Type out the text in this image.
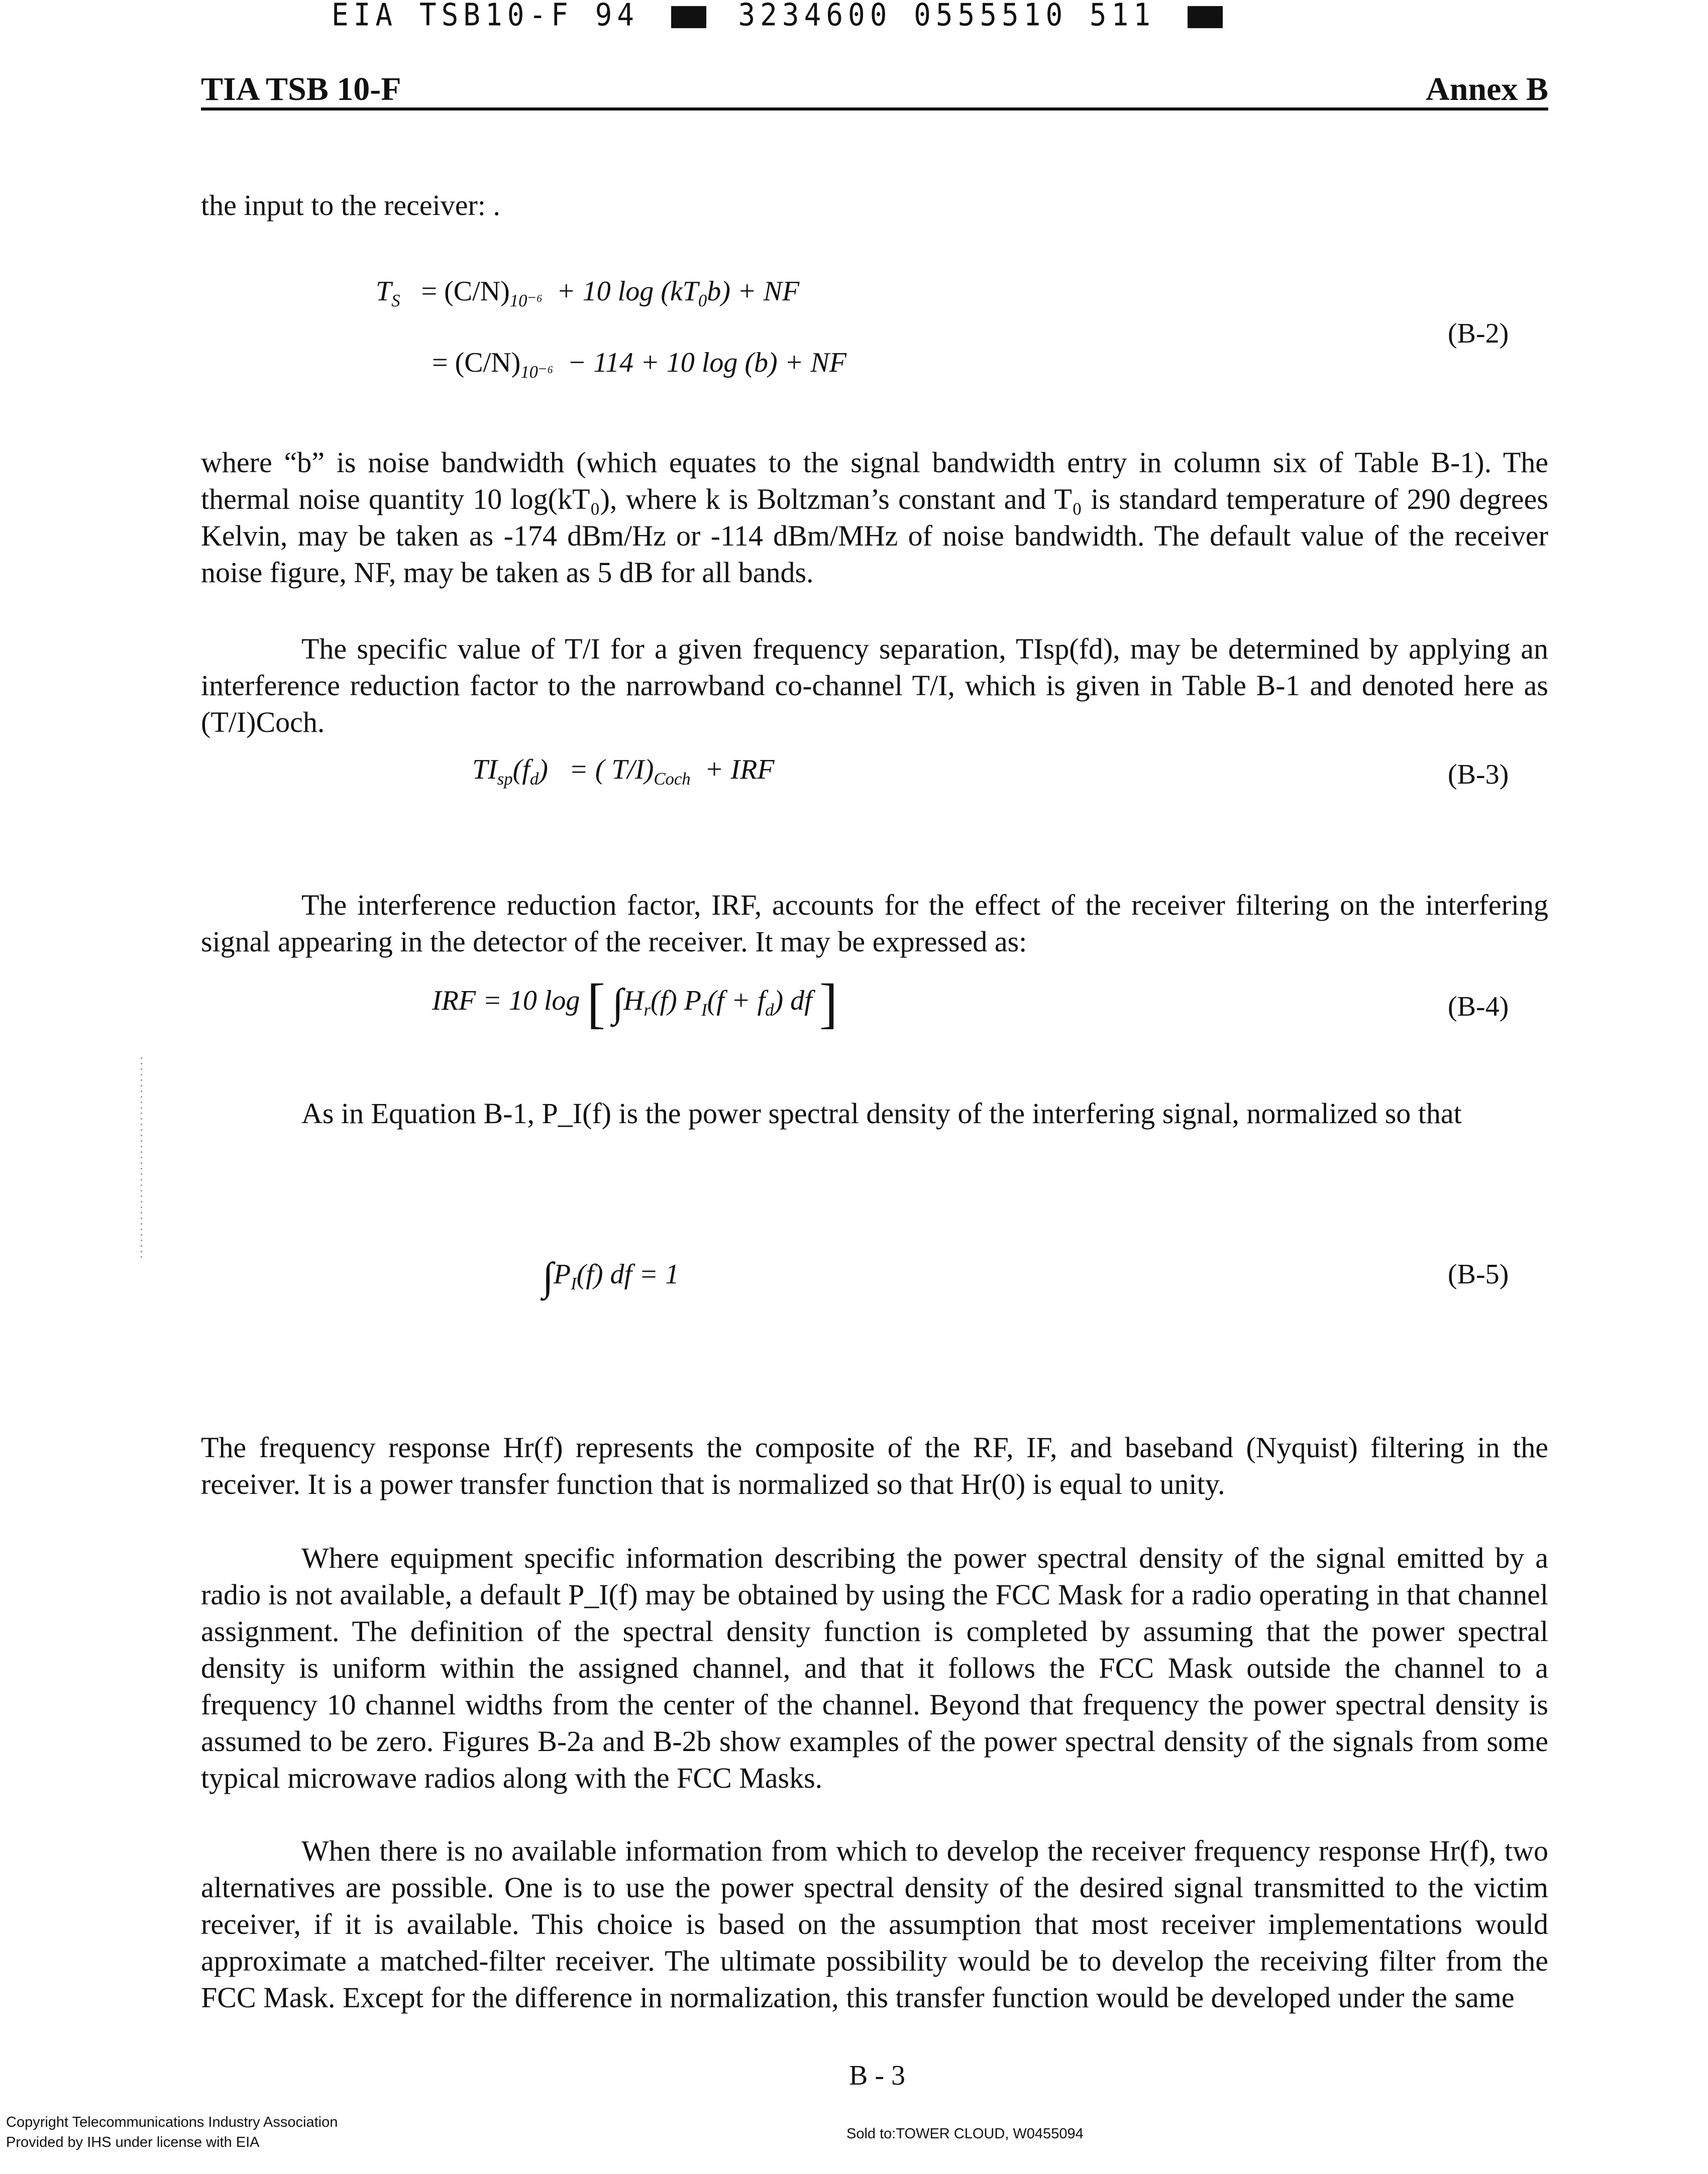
EIA TSB10-F 94	3234600 0555510 511
TIA TSB 10-F	Annex B
the input to the receiver: .
$T_S = (C/N)_{10^{-6}} + 10$ $\log (kT_0b)$ + NF
= $(C/N)_{10^{-6}} - 114 + 10$ log (b) + NF
(B-2)
where “b” is noise bandwidth (which equates to the signal bandwidth entry in column six of Table B-1). The thermal noise quantity 10 log(kT₀), where k is Boltzman’s constant and T₀ is standard temperature of 290 degrees Kelvin, may be taken as -174 dBm/Hz or -114 dBm/MHz of noise bandwidth. The default value of the receiver noise figure, NF, may be taken as 5 dB for all bands.
The specific value of T/I for a given frequency separation, TIsp(fd), may be determined by applying an interference reduction factor to the narrowband co-channel T/I, which is given in Table B-1 and denoted here as (T/I)Coch.
$TI_{sp}(f_d)$ = ( $T/I)_{Coch}$ + IRF	(B-3)
The interference reduction factor, IRF, accounts for the effect of the receiver filtering on the interfering signal appearing in the detector of the receiver. It may be expressed as:
IRF = 10 log [ $\int H_r(f) P_I(f + f_d)$ df ]	(B-4)
As in Equation B-1, P_I(f) is the power spectral density of the interfering signal, normalized so that
$\int P_I(f)$ df = 1	(B-5)
The frequency response Hr(f) represents the composite of the RF, IF, and baseband (Nyquist) filtering in the receiver. It is a power transfer function that is normalized so that Hr(0) is equal to unity.
Where equipment specific information describing the power spectral density of the signal emitted by a radio is not available, a default P_I(f) may be obtained by using the FCC Mask for a radio operating in that channel assignment. The definition of the spectral density function is completed by assuming that the power spectral density is uniform within the assigned channel, and that it follows the FCC Mask outside the channel to a frequency 10 channel widths from the center of the channel. Beyond that frequency the power spectral density is assumed to be zero. Figures B-2a and B-2b show examples of the power spectral density of the signals from some typical microwave radios along with the FCC Masks.
When there is no available information from which to develop the receiver frequency response Hr(f), two alternatives are possible. One is to use the power spectral density of the desired signal transmitted to the victim receiver, if it is available. This choice is based on the assumption that most receiver implementations would approximate a matched-filter receiver. The ultimate possibility would be to develop the receiving filter from the FCC Mask. Except for the difference in normalization, this transfer function would be developed under the same
B - 3
Copyright Telecommunications Industry Association
Provided by IHS under license with EIA
Sold to:TOWER CLOUD, W0455094
